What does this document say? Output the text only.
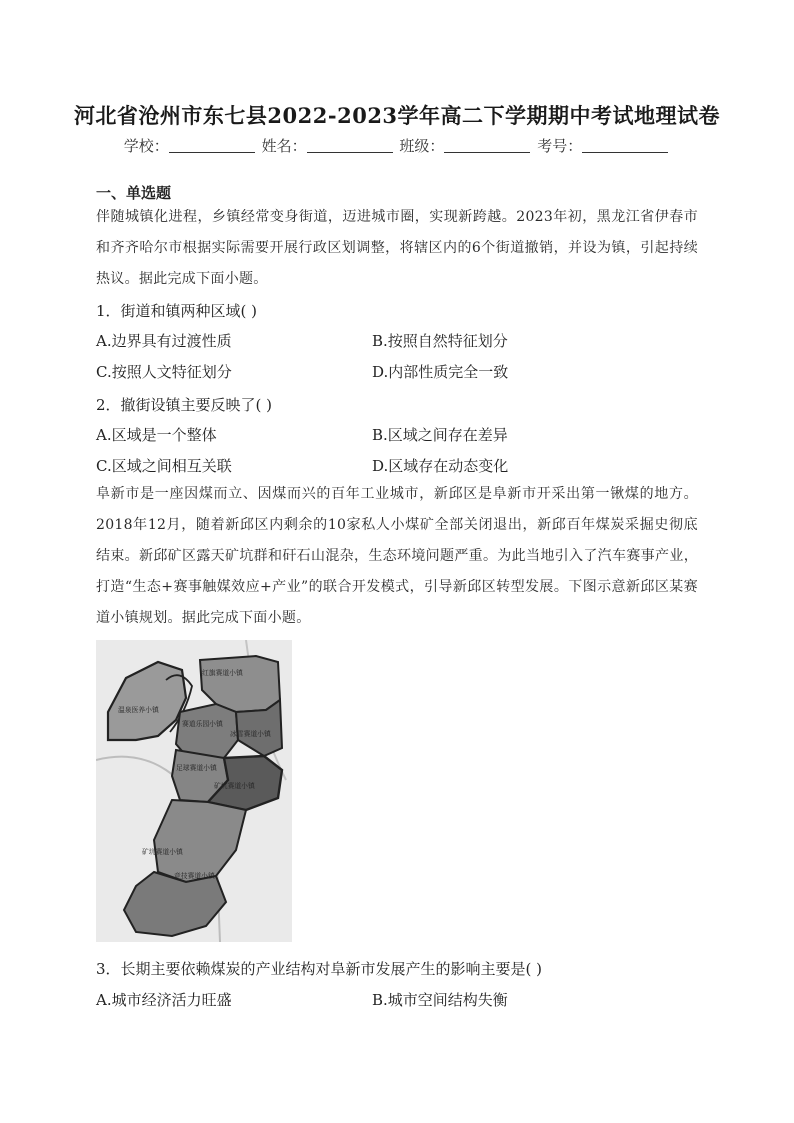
河北省沧州市东七县2022-2023学年高二下学期期中考试地理试卷
学校：	姓名：	班级：	考号：
一、单选题
伴随城镇化进程，乡镇经常变身街道，迈进城市圈，实现新跨越。2023年初，黑龙江省伊春市和齐齐哈尔市根据实际需要开展行政区划调整，将辖区内的6个街道撤销，并设为镇，引起持续热议。据此完成下面小题。
1．街道和镇两种区域( )
A.边界具有过渡性质	B.按照自然特征划分
C.按照人文特征划分	D.内部性质完全一致
2．撤街设镇主要反映了( )
A.区域是一个整体	B.区域之间存在差异
C.区域之间相互关联	D.区域存在动态变化
阜新市是一座因煤而立、因煤而兴的百年工业城市，新邱区是阜新市开采出第一锹煤的地方。2018年12月，随着新邱区内剩余的10家私人小煤矿全部关闭退出，新邱百年煤炭采掘史彻底结束。新邱矿区露天矿坑群和矸石山混杂，生态环境问题严重。为此当地引入了汽车赛事产业，打造“生态+赛事触媒效应+产业”的联合开发模式，引导新邱区转型发展。下图示意新邱区某赛道小镇规划。据此完成下面小题。
红旗赛道小镇
温泉医养小镇
赛道乐园小镇
冰雪赛道小镇
足球赛道小镇
矿坑赛道小镇
矿坑赛道小镇
竞技赛道小镇
3．长期主要依赖煤炭的产业结构对阜新市发展产生的影响主要是( )
A.城市经济活力旺盛	B.城市空间结构失衡
